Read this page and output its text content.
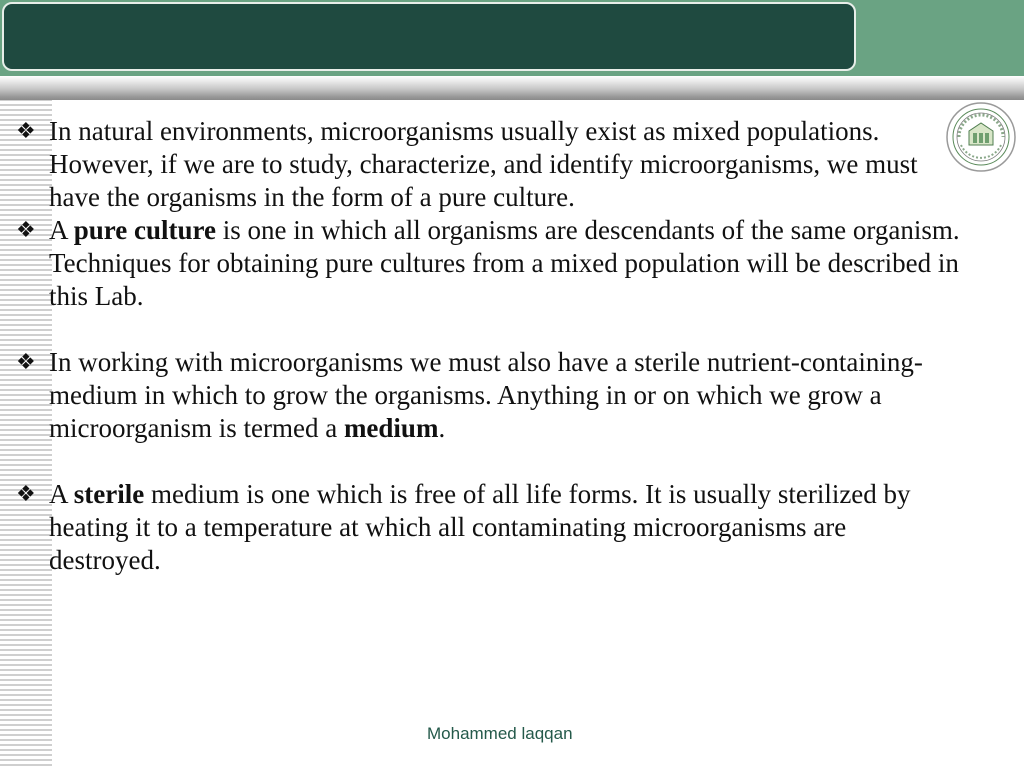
❖ In natural environments, microorganisms usually exist as mixed populations. However, if we are to study, characterize, and identify microorganisms, we must have the organisms in the form of a pure culture.
❖ A pure culture is one in which all organisms are descendants of the same organism. Techniques for obtaining pure cultures from a mixed population will be described in this Lab.
❖ In working with microorganisms we must also have a sterile nutrient-containing-medium in which to grow the organisms. Anything in or on which we grow a microorganism is termed a medium.
❖ A sterile medium is one which is free of all life forms. It is usually sterilized by heating it to a temperature at which all contaminating microorganisms are destroyed.
Mohammed laqqan
